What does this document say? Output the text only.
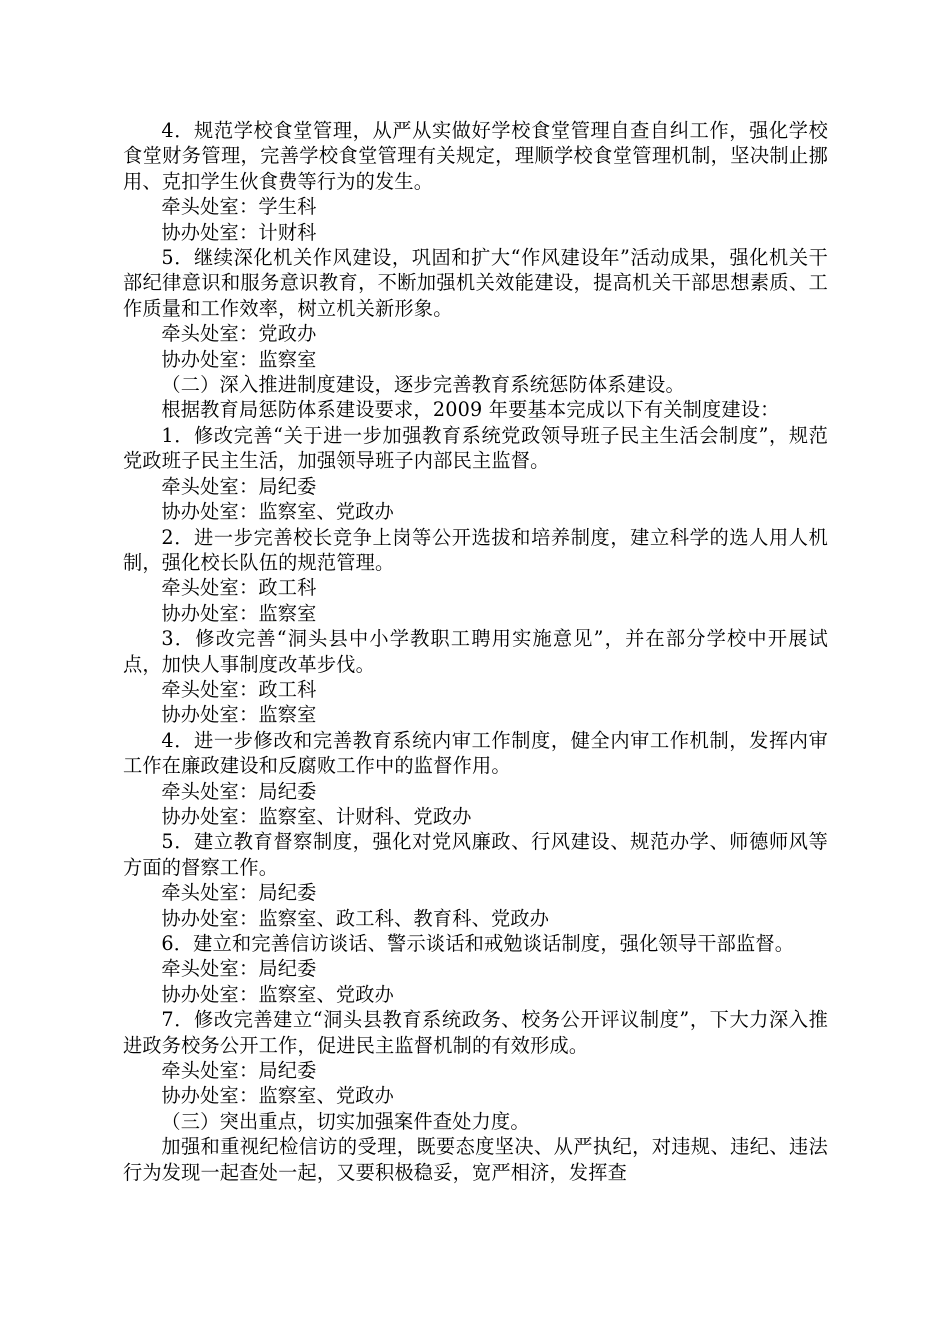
4．规范学校食堂管理，从严从实做好学校食堂管理自查自纠工作，强化学校食堂财务管理，完善学校食堂管理有关规定，理顺学校食堂管理机制，坚决制止挪用、克扣学生伙食费等行为的发生。

牵头处室：学生科

协办处室：计财科

5．继续深化机关作风建设，巩固和扩大“作风建设年”活动成果，强化机关干部纪律意识和服务意识教育，不断加强机关效能建设，提高机关干部思想素质、工作质量和工作效率，树立机关新形象。

牵头处室：党政办

协办处室：监察室

（二）深入推进制度建设，逐步完善教育系统惩防体系建设。

根据教育局惩防体系建设要求，2009 年要基本完成以下有关制度建设：

1．修改完善“关于进一步加强教育系统党政领导班子民主生活会制度”，规范党政班子民主生活，加强领导班子内部民主监督。

牵头处室：局纪委

协办处室：监察室、党政办

2．进一步完善校长竞争上岗等公开选拔和培养制度，建立科学的选人用人机制，强化校长队伍的规范管理。

牵头处室：政工科

协办处室：监察室

3．修改完善“洞头县中小学教职工聘用实施意见”，并在部分学校中开展试点，加快人事制度改革步伐。

牵头处室：政工科

协办处室：监察室

4．进一步修改和完善教育系统内审工作制度，健全内审工作机制，发挥内审工作在廉政建设和反腐败工作中的监督作用。

牵头处室：局纪委

协办处室：监察室、计财科、党政办

5．建立教育督察制度，强化对党风廉政、行风建设、规范办学、师德师风等方面的督察工作。

牵头处室：局纪委

协办处室：监察室、政工科、教育科、党政办

6．建立和完善信访谈话、警示谈话和戒勉谈话制度，强化领导干部监督。

牵头处室：局纪委

协办处室：监察室、党政办

7．修改完善建立“洞头县教育系统政务、校务公开评议制度”，下大力深入推进政务校务公开工作，促进民主监督机制的有效形成。

牵头处室：局纪委

协办处室：监察室、党政办

（三）突出重点，切实加强案件查处力度。

加强和重视纪检信访的受理，既要态度坚决、从严执纪，对违规、违纪、违法行为发现一起查处一起，又要积极稳妥，宽严相济，发挥查
